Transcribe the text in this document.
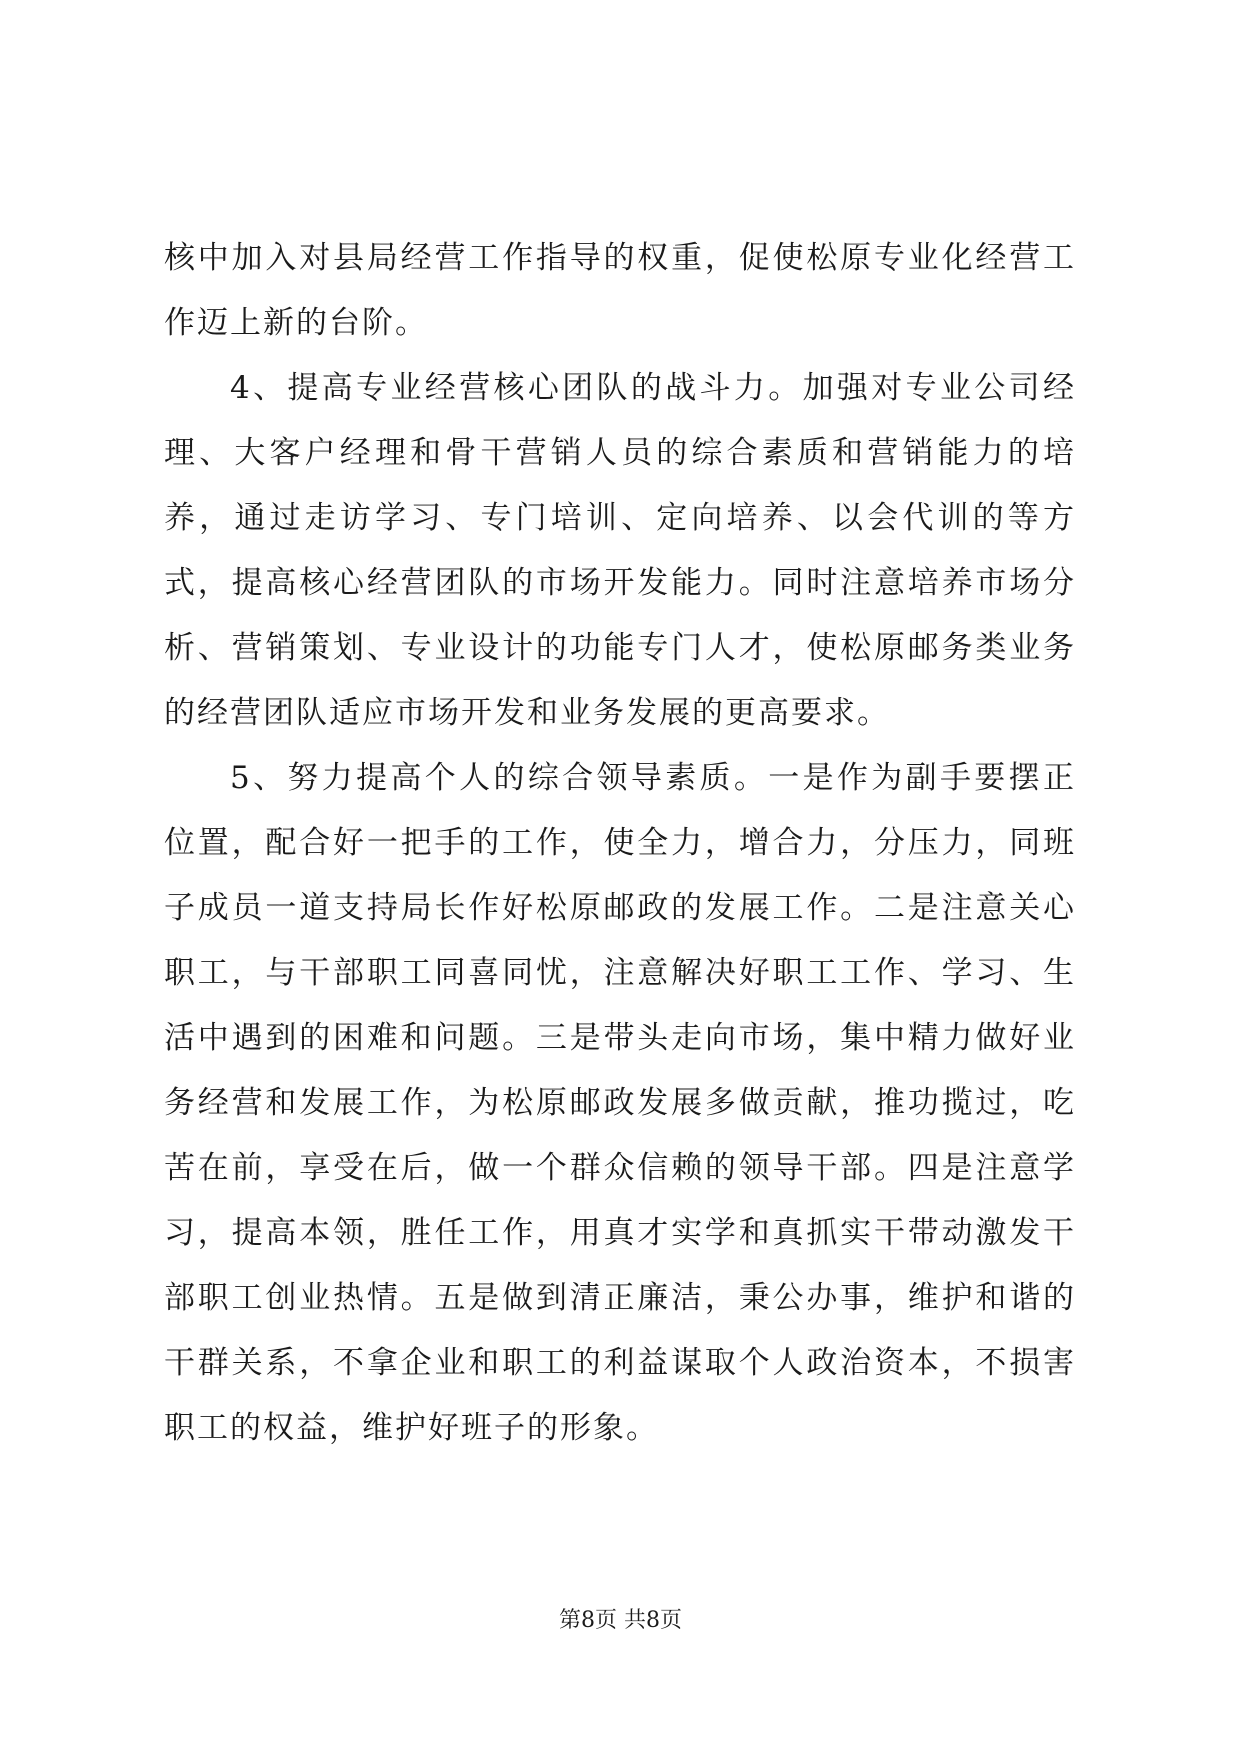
核中加入对县局经营工作指导的权重，促使松原专业化经营工作迈上新的台阶。

4、提高专业经营核心团队的战斗力。加强对专业公司经理、大客户经理和骨干营销人员的综合素质和营销能力的培养，通过走访学习、专门培训、定向培养、以会代训的等方式，提高核心经营团队的市场开发能力。同时注意培养市场分析、营销策划、专业设计的功能专门人才，使松原邮务类业务的经营团队适应市场开发和业务发展的更高要求。

5、努力提高个人的综合领导素质。一是作为副手要摆正位置，配合好一把手的工作，使全力，增合力，分压力，同班子成员一道支持局长作好松原邮政的发展工作。二是注意关心职工，与干部职工同喜同忧，注意解决好职工工作、学习、生活中遇到的困难和问题。三是带头走向市场，集中精力做好业务经营和发展工作，为松原邮政发展多做贡献，推功揽过，吃苦在前，享受在后，做一个群众信赖的领导干部。四是注意学习，提高本领，胜任工作，用真才实学和真抓实干带动激发干部职工创业热情。五是做到清正廉洁，秉公办事，维护和谐的干群关系，不拿企业和职工的利益谋取个人政治资本，不损害职工的权益，维护好班子的形象。

第8页 共8页
